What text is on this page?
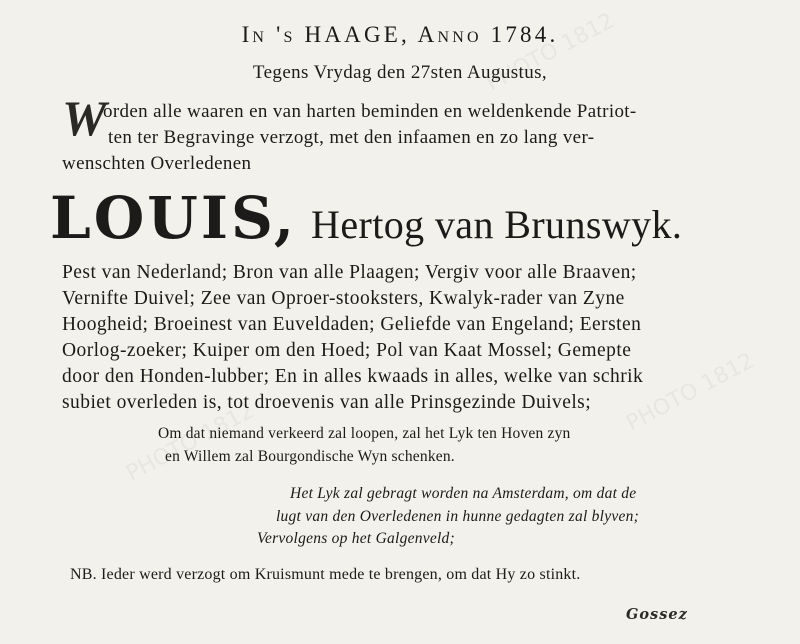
In 's HAAGE, Anno 1784.
Tegens Vrydag den 27sten Augustus,
W
orden alle waaren en van harten beminden en weldenkende Patriot-
ten ter Begravinge verzogt, met den infaamen en zo lang ver-
wenschten Overledenen
LOUIS, Hertog van Brunswyk.
Pest van Nederland; Bron van alle Plaagen; Vergiv voor alle Braaven;
Vernifte Duivel; Zee van Oproer-stooksters, Kwalyk-rader van Zyne
Hoogheid; Broeinest van Euveldaden; Geliefde van Engeland; Eersten
Oorlog-zoeker; Kuiper om den Hoed; Pol van Kaat Mossel; Gemepte
door den Honden-lubber; En in alles kwaads in alles, welke van schrik
subiet overleden is, tot droevenis van alle Prinsgezinde Duivels;
Om dat niemand verkeerd zal loopen, zal het Lyk ten Hoven zyn
en Willem zal Bourgondische Wyn schenken.
Het Lyk zal gebragt worden na Amsterdam, om dat de
lugt van den Overledenen in hunne gedagten zal blyven;
Vervolgens op het Galgenveld;
NB. Ieder werd verzogt om Kruismunt mede te brengen, om dat Hy zo stinkt.
Gossez
